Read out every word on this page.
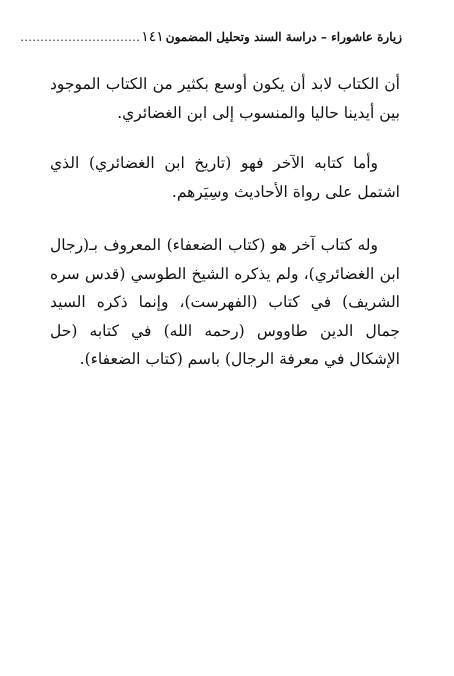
زيارة عاشوراء – دراسة السند وتحليل المضمون
.............................. ١٤١

أن الكتاب لابد أن يكون أوسع بكثير من الكتاب الموجود بين أيدينا حاليا والمنسوب إلى ابن الغضائري.

وأما كتابه الآخر فهو (تاريخ ابن الغضائري) الذي اشتمل على رواة الأحاديث وسِيَرهم.

وله كتاب آخر هو (كتاب الضعفاء) المعروف بـ(رجال ابن الغضائري)، ولم يذكره الشيخ الطوسي (قدس سره الشريف) في كتاب (الفهرست)، وإنما ذكره السيد جمال الدين طاووس (رحمه الله) في كتابه (حل الإشكال في معرفة الرجال) باسم (كتاب الضعفاء).
